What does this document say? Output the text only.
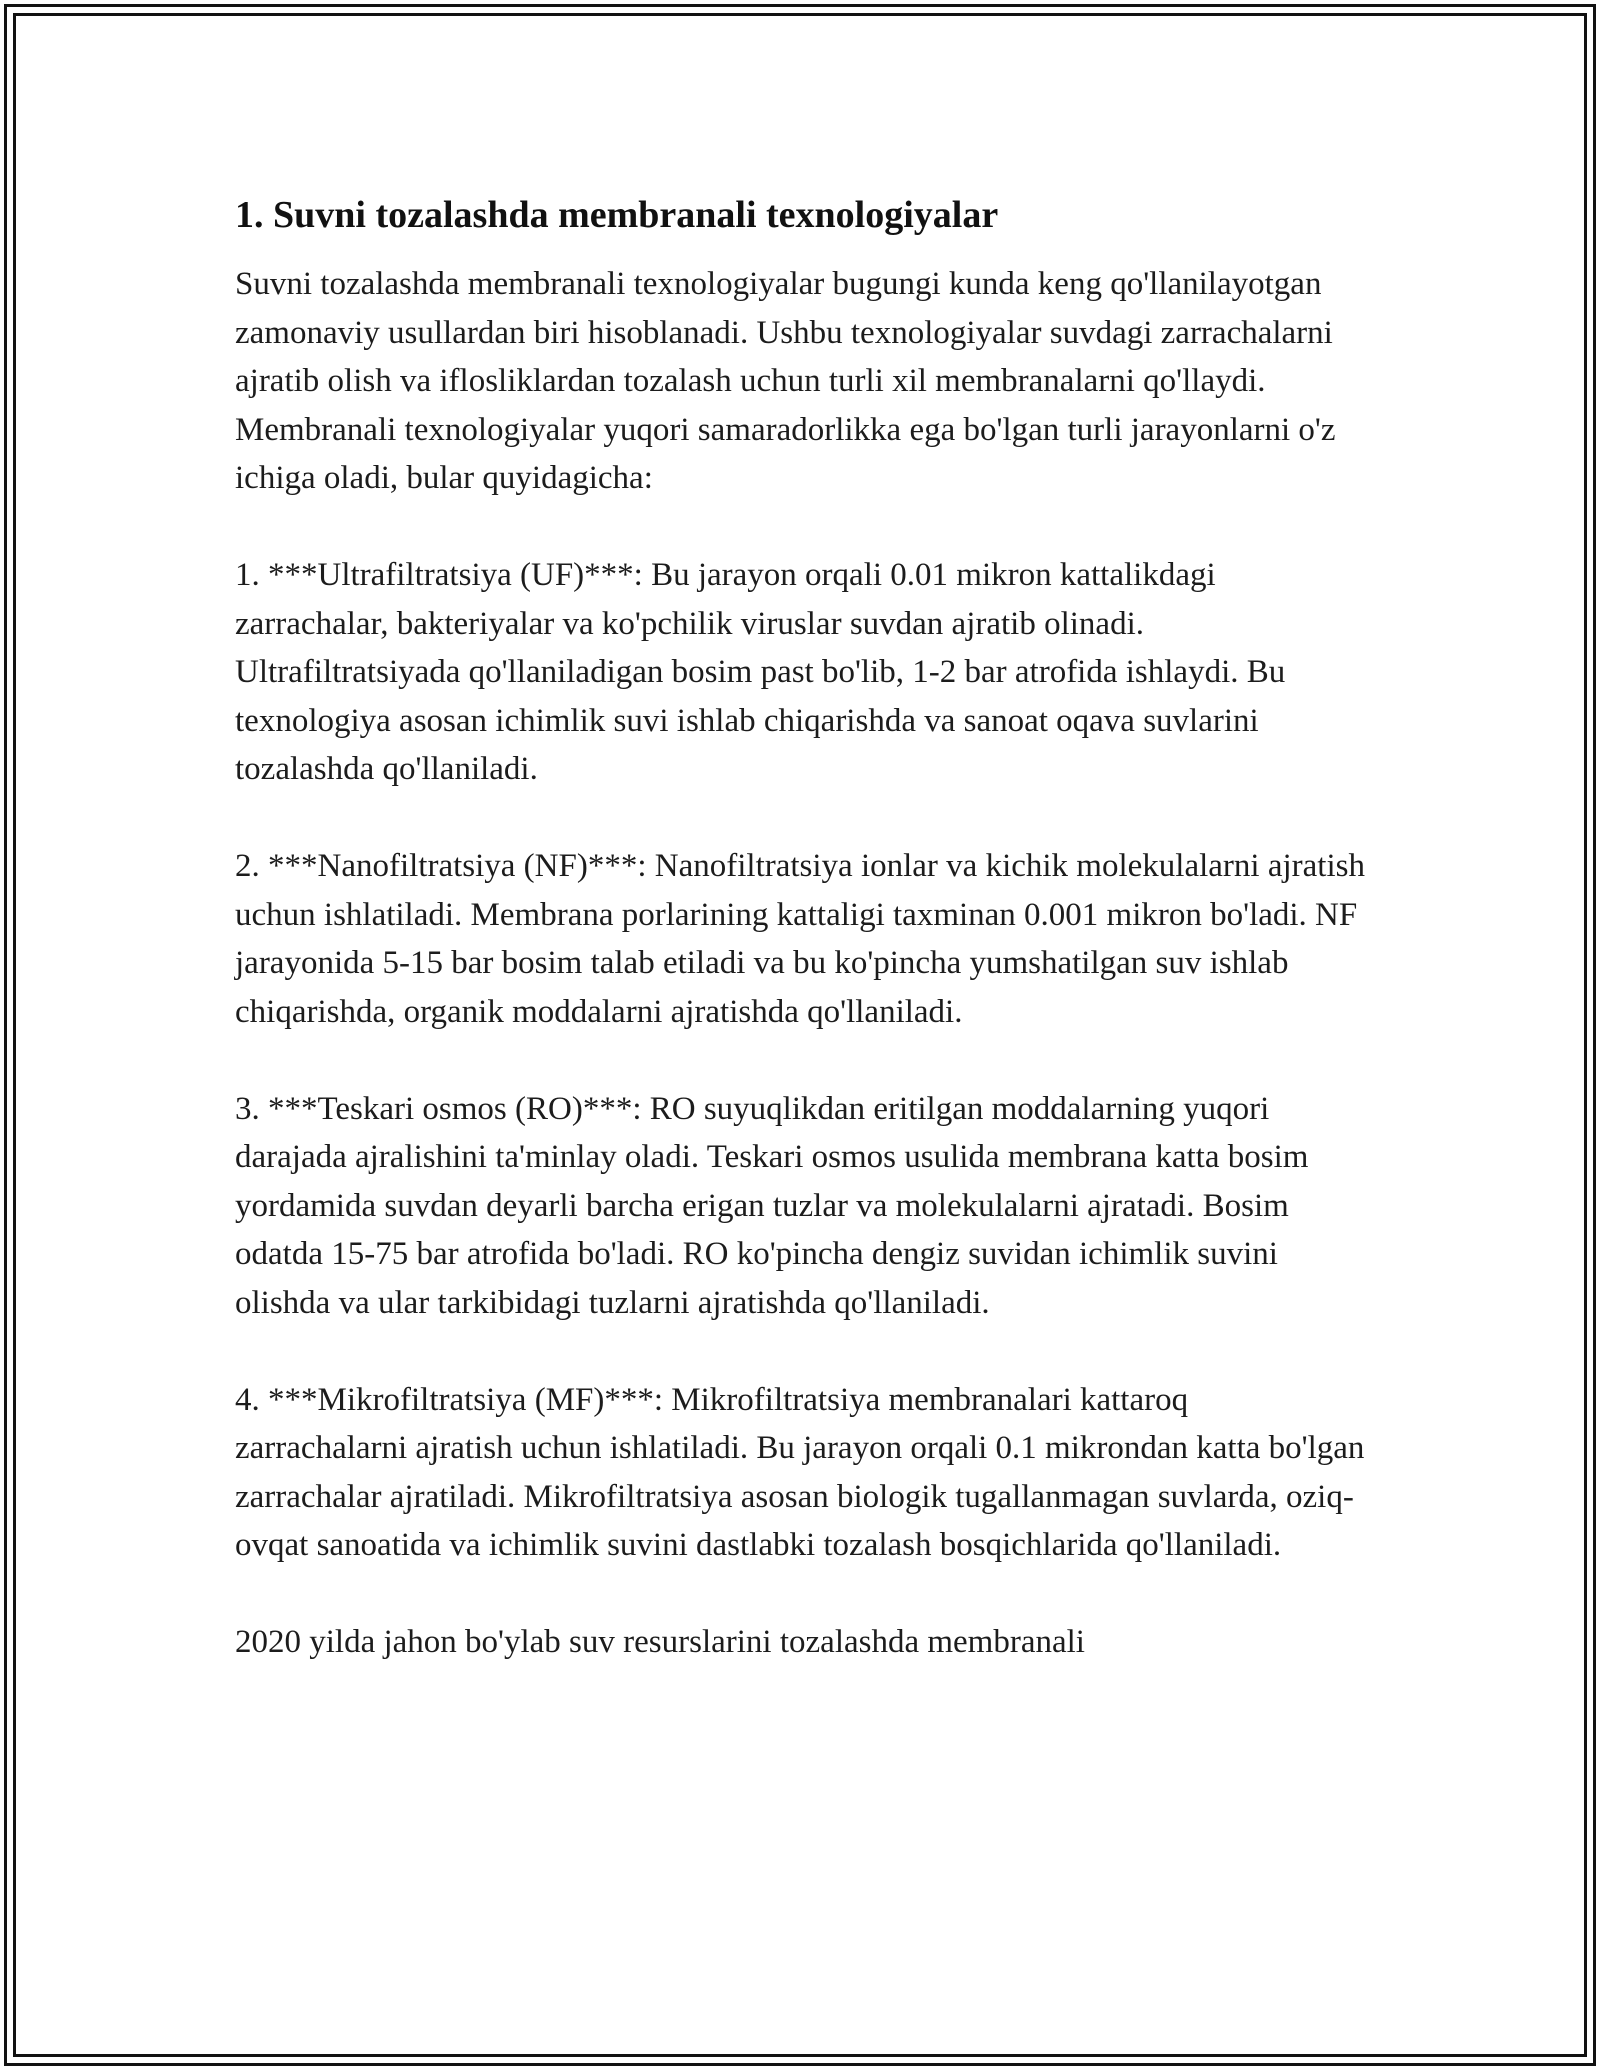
1. Suvni tozalashda membranali texnologiyalar

Suvni tozalashda membranali texnologiyalar bugungi kunda keng qo'llanilayotgan zamonaviy usullardan biri hisoblanadi. Ushbu texnologiyalar suvdagi zarrachalarni ajratib olish va iflosliklardan tozalash uchun turli xil membranalarni qo'llaydi. Membranali texnologiyalar yuqori samaradorlikka ega bo'lgan turli jarayonlarni o'z ichiga oladi, bular quyidagicha:

1. ***Ultrafiltratsiya (UF)***: Bu jarayon orqali 0.01 mikron kattalikdagi zarrachalar, bakteriyalar va ko'pchilik viruslar suvdan ajratib olinadi. Ultrafiltratsiyada qo'llaniladigan bosim past bo'lib, 1-2 bar atrofida ishlaydi. Bu texnologiya asosan ichimlik suvi ishlab chiqarishda va sanoat oqava suvlarini tozalashda qo'llaniladi.

2. ***Nanofiltratsiya (NF)***: Nanofiltratsiya ionlar va kichik molekulalarni ajratish uchun ishlatiladi. Membrana porlarining kattaligi taxminan 0.001 mikron bo'ladi. NF jarayonida 5-15 bar bosim talab etiladi va bu ko'pincha yumshatilgan suv ishlab chiqarishda, organik moddalarni ajratishda qo'llaniladi.

3. ***Teskari osmos (RO)***: RO suyuqlikdan eritilgan moddalarning yuqori darajada ajralishini ta'minlay oladi. Teskari osmos usulida membrana katta bosim yordamida suvdan deyarli barcha erigan tuzlar va molekulalarni ajratadi. Bosim odatda 15-75 bar atrofida bo'ladi. RO ko'pincha dengiz suvidan ichimlik suvini olishda va ular tarkibidagi tuzlarni ajratishda qo'llaniladi.

4. ***Mikrofiltratsiya (MF)***: Mikrofiltratsiya membranalari kattaroq zarrachalarni ajratish uchun ishlatiladi. Bu jarayon orqali 0.1 mikrondan katta bo'lgan zarrachalar ajratiladi. Mikrofiltratsiya asosan biologik tugallanmagan suvlarda, oziq-ovqat sanoatida va ichimlik suvini dastlabki tozalash bosqichlarida qo'llaniladi.

2020 yilda jahon bo'ylab suv resurslarini tozalashda membranali
